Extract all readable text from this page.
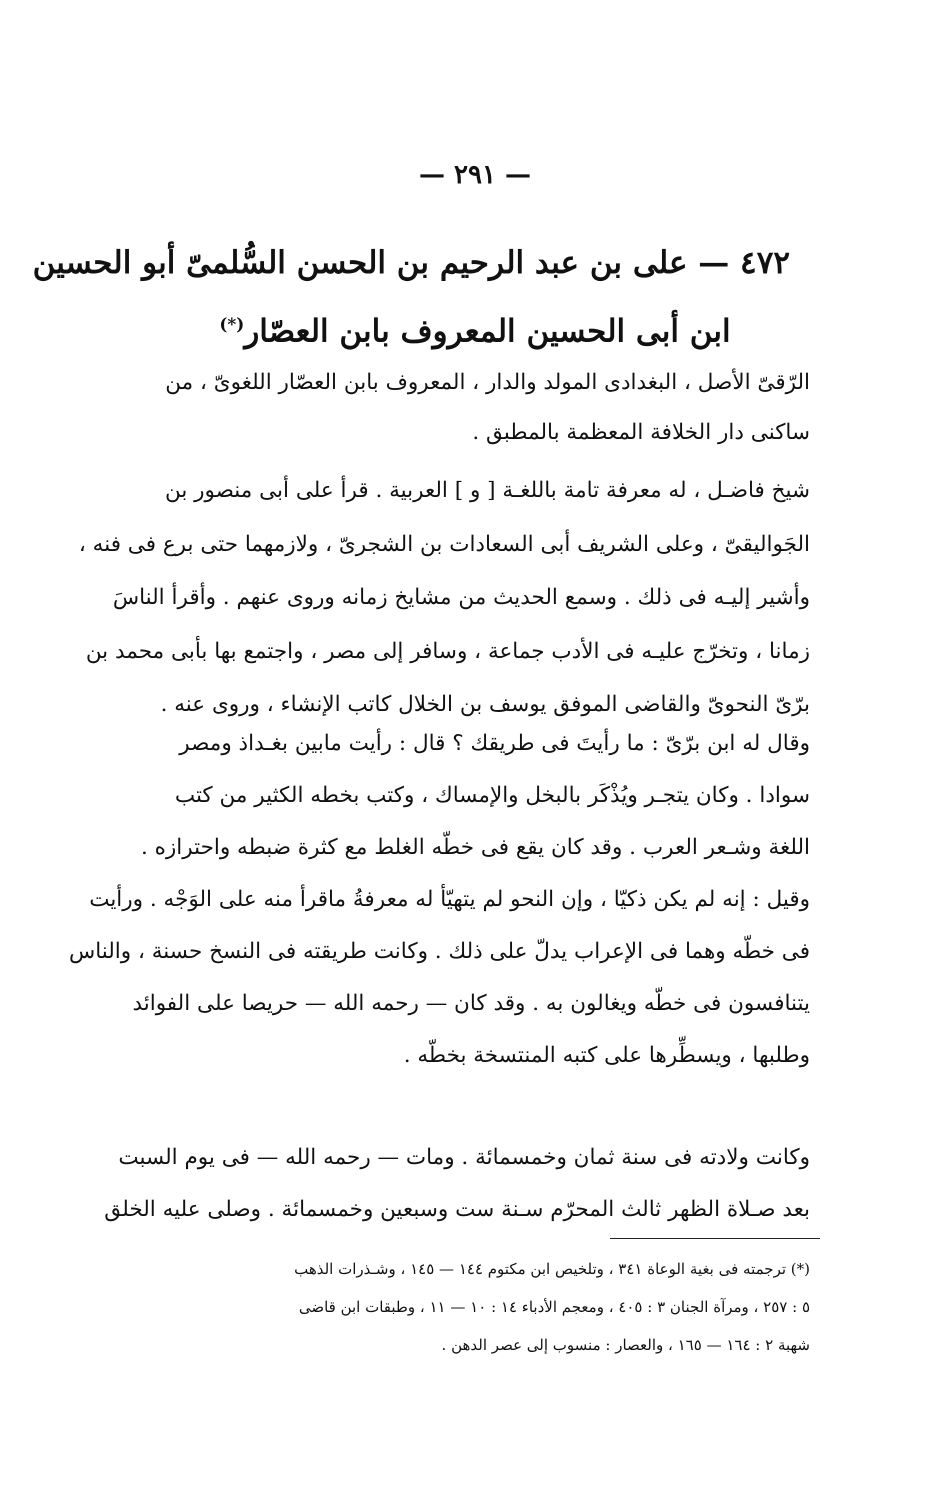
— ٢٩١ —
٤٧٢ — على بن عبد الرحيم بن الحسن السُّلمىّ أبو الحسين
ابن أبى الحسين المعروف بابن العصّار(*)
الرّقىّ الأصل ، البغدادى المولد والدار ، المعروف بابن العصّار اللغوىّ ، من
ساكنى دار الخلافة المعظمة بالمطبق .
شيخ فاضـل ، له معرفة تامة باللغـة [ و ] العربية . قرأ على أبى منصور بن
الجَواليقىّ ، وعلى الشريف أبى السعادات بن الشجرىّ ، ولازمهما حتى برع فى فنه ،
وأشير إليـه فى ذلك . وسمع الحديث من مشايخ زمانه وروى عنهم . وأقرأ الناسَ
زمانا ، وتخرّج عليـه فى الأدب جماعة ، وسافر إلى مصر ، واجتمع بها بأبى محمد بن
برّىّ النحوىّ والقاضى الموفق يوسف بن الخلال كاتب الإنشاء ، وروى عنه .
وقال له ابن برّىّ : ما رأيتَ فى طريقك ؟ قال : رأيت مابين بغـداذ ومصر
سوادا . وكان يتجـر ويُذْكَر بالبخل والإمساك ، وكتب بخطه الكثير من كتب
اللغة وشـعر العرب . وقد كان يقع فى خطّه الغلط مع كثرة ضبطه واحترازه .
وقيل : إنه لم يكن ذكيّا ، وإن النحو لم يتهيّأ له معرفةُ ماقرأ منه على الوَجْه . ورأيت
فى خطّه وهما فى الإعراب يدلّ على ذلك . وكانت طريقته فى النسخ حسنة ، والناس
يتنافسون فى خطّه ويغالون به . وقد كان — رحمه الله — حريصا على الفوائد
وطلبها ، ويسطِّرها على كتبه المنتسخة بخطّه .
وكانت ولادته فى سنة ثمان وخمسمائة . ومات — رحمه الله — فى يوم السبت
بعد صـلاة الظهر ثالث المحرّم سـنة ست وسبعين وخمسمائة . وصلى عليه الخلق
(*) ترجمته فى بغية الوعاة ٣٤١ ، وتلخيص ابن مكتوم ١٤٤ — ١٤٥ ، وشـذرات الذهب
٥ : ٢٥٧ ، ومرآة الجنان ٣ : ٤٠٥ ، ومعجم الأدباء ١٤ : ١٠ — ١١ ، وطبقات ابن قاضى
شهبة ٢ : ١٦٤ — ١٦٥ ، والعصار : منسوب إلى عصر الدهن .
